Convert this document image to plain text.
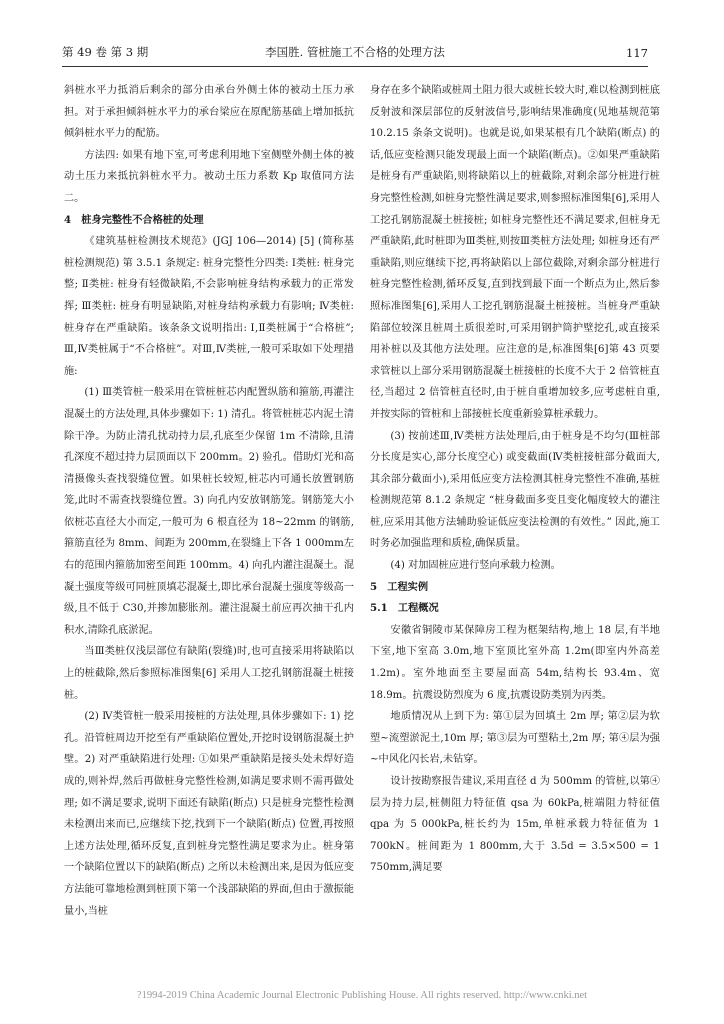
第 49 卷 第 3 期	李国胜. 管桩施工不合格的处理方法	117

斜桩水平力抵消后剩余的部分由承台外侧土体的被动土压力承担。对于承担倾斜桩水平力的承台梁应在原配筋基础上增加抵抗倾斜桩水平力的配筋。

方法四: 如果有地下室,可考虑利用地下室侧壁外侧土体的被动土压力来抵抗斜桩水平力。被动土压力系数 Kp 取值同方法二。

4　桩身完整性不合格桩的处理

《建筑基桩检测技术规范》(JGJ 106—2014) [5] (简称基桩检测规范) 第 3.5.1 条规定: 桩身完整性分四类: Ⅰ类桩: 桩身完整; Ⅱ类桩: 桩身有轻微缺陷,不会影响桩身结构承载力的正常发挥; Ⅲ类桩: 桩身有明显缺陷,对桩身结构承载力有影响; Ⅳ类桩: 桩身存在严重缺陷。该条条文说明指出: Ⅰ,Ⅱ类桩属于“合格桩”; Ⅲ,Ⅳ类桩属于“不合格桩”。对Ⅲ,Ⅳ类桩,一般可采取如下处理措施:

(1) Ⅲ类管桩一般采用在管桩桩芯内配置纵筋和箍筋,再灌注混凝土的方法处理,具体步骤如下: 1) 清孔。将管桩桩芯内泥土清除干净。为防止清孔扰动持力层,孔底至少保留 1m 不清除,且清孔深度不超过持力层顶面以下 200mm。2) 验孔。借助灯光和高清摄像头查找裂缝位置。如果桩长较短,桩芯内可通长放置钢筋笼,此时不需查找裂缝位置。3) 向孔内安放钢筋笼。钢筋笼大小依桩芯直径大小而定,一般可为 6 根直径为 18~22mm 的钢筋,箍筋直径为 8mm、间距为 200mm,在裂缝上下各 1 000mm左右的范围内箍筋加密至间距 100mm。4) 向孔内灌注混凝土。混凝土强度等级可同桩顶填芯混凝土,即比承台混凝土强度等级高一级,且不低于 C30,并掺加膨胀剂。灌注混凝土前应再次抽干孔内积水,清除孔底淤泥。

当Ⅲ类桩仅浅层部位有缺陷(裂缝)时,也可直接采用将缺陷以上的桩截除,然后参照标准图集[6] 采用人工挖孔钢筋混凝土桩接桩。

(2) Ⅳ类管桩一般采用接桩的方法处理,具体步骤如下: 1) 挖孔。沿管桩周边开挖至有严重缺陷位置处,开挖时设钢筋混凝土护壁。2) 对严重缺陷进行处理: ①如果严重缺陷是接头处未焊好造成的,则补焊,然后再做桩身完整性检测,如满足要求则不需再做处理; 如不满足要求,说明下面还有缺陷(断点) 只是桩身完整性检测未检测出来而已,应继续下挖,找到下一个缺陷(断点) 位置,再按照上述方法处理,循环反复,直到桩身完整性满足要求为止。桩身第一个缺陷位置以下的缺陷(断点) 之所以未检测出来,是因为低应变方法能可靠地检测到桩顶下第一个浅部缺陷的界面,但由于激振能量小,当桩

身存在多个缺陷或桩周土阻力很大或桩长较大时,难以检测到桩底反射波和深层部位的反射波信号,影响结果准确度(见地基规范第 10.2.15 条条文说明)。也就是说,如果某根有几个缺陷(断点) 的话,低应变检测只能发现最上面一个缺陷(断点)。②如果严重缺陷是桩身有严重缺陷,则将缺陷以上的桩截除,对剩余部分桩进行桩身完整性检测,如桩身完整性满足要求,则参照标准图集[6],采用人工挖孔钢筋混凝土桩接桩; 如桩身完整性还不满足要求,但桩身无严重缺陷,此时桩即为Ⅲ类桩,则按Ⅲ类桩方法处理; 如桩身还有严重缺陷,则应继续下挖,再将缺陷以上部位截除,对剩余部分桩进行桩身完整性检测,循环反复,直到找到最下面一个断点为止,然后参照标准图集[6],采用人工挖孔钢筋混凝土桩接桩。当桩身严重缺陷部位较深且桩周土质很差时,可采用钢护筒护壁挖孔,或直接采用补桩以及其他方法处理。应注意的是,标准图集[6]第 43 页要求管桩以上部分采用钢筋混凝土桩接桩的长度不大于 2 倍管桩直径,当超过 2 倍管桩直径时,由于桩自重增加较多,应考虑桩自重,并按实际的管桩和上部接桩长度重新验算桩承载力。

(3) 按前述Ⅲ,Ⅳ类桩方法处理后,由于桩身是不均匀(Ⅲ桩部分长度是实心,部分长度空心) 或变截面(Ⅳ类桩接桩部分截面大,其余部分截面小),采用低应变方法检测其桩身完整性不准确,基桩检测规范第 8.1.2 条规定 “桩身截面多变且变化幅度较大的灌注桩,应采用其他方法辅助验证低应变法检测的有效性。” 因此,施工时务必加强监理和质检,确保质量。

(4) 对加固桩应进行竖向承载力检测。

5　工程实例

5.1　工程概况

安徽省铜陵市某保障房工程为框架结构,地上 18 层,有半地下室,地下室高 3.0m,地下室顶比室外高 1.2m(即室内外高差 1.2m)。室外地面至主要屋面高 54m,结构长 93.4m、宽 18.9m。抗震设防烈度为 6 度,抗震设防类别为丙类。

地质情况从上到下为: 第①层为回填土 2m 厚; 第②层为软塑~流塑淤泥土,10m 厚; 第③层为可塑粘土,2m 厚; 第④层为强~中风化闪长岩,未钻穿。

设计按勘察报告建议,采用直径 d 为 500mm 的管桩,以第④层为持力层,桩侧阻力特征值 qsa 为 60kPa,桩端阻力特征值 qpa 为 5 000kPa,桩长约为 15m,单桩承载力特征值为 1 700kN。桩间距为 1 800mm,大于 3.5d = 3.5×500 = 1 750mm,满足要

?1994-2019 China Academic Journal Electronic Publishing House. All rights reserved. http://www.cnki.net
